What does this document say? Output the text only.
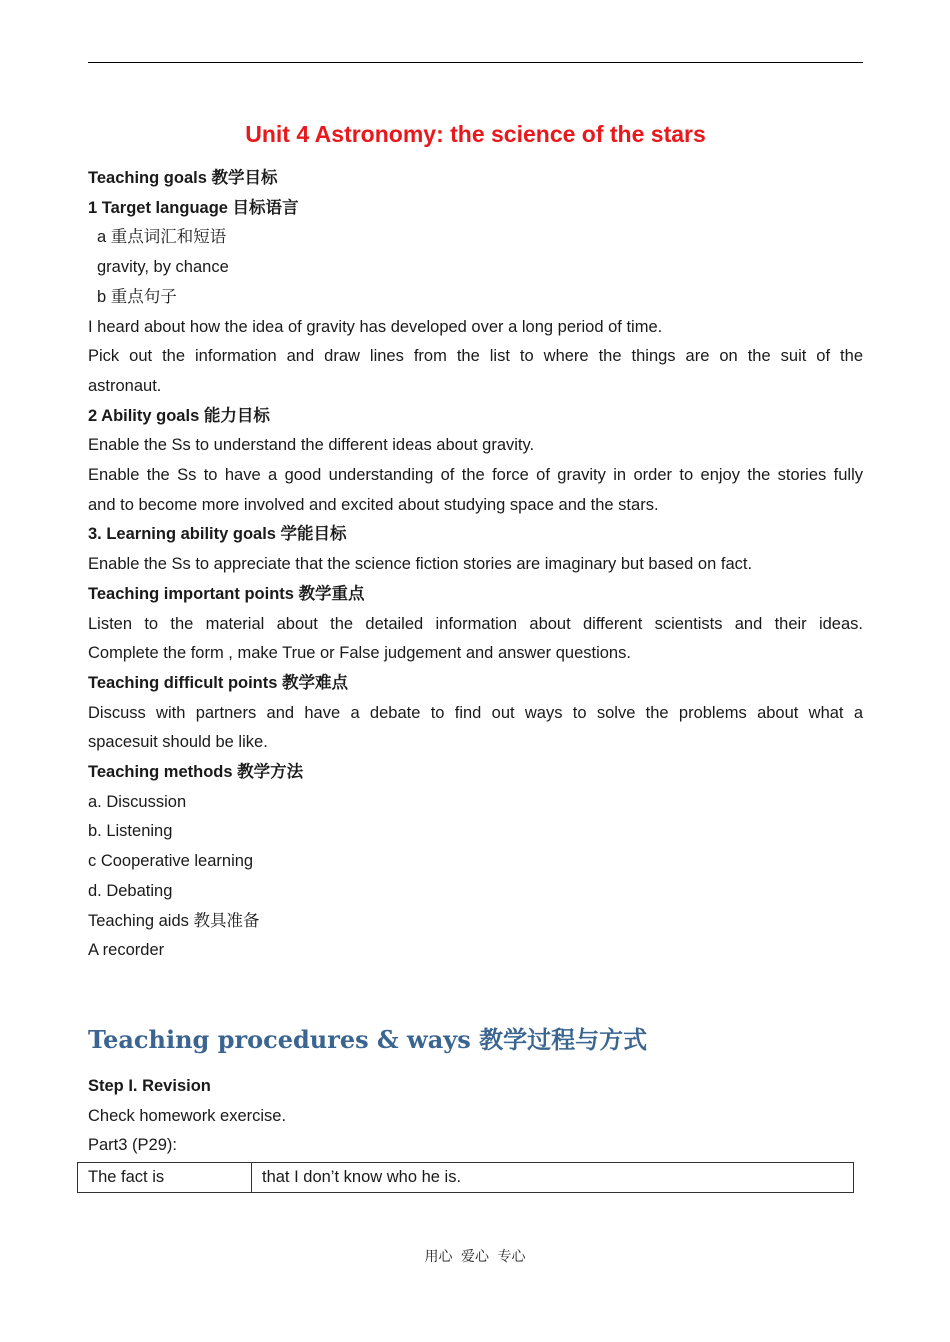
Unit 4 Astronomy: the science of the stars
Teaching goals 教学目标
1 Target language 目标语言
a 重点词汇和短语
gravity, by chance
b 重点句子
I heard about how the idea of gravity has developed over a long period of time.
Pick out the information and draw lines from the list to where the things are on the suit of the
astronaut.
2 Ability goals 能力目标
Enable the Ss to understand the different ideas about gravity.
Enable the Ss to have a good understanding of the force of gravity in order to enjoy the stories fully
and to become more involved and excited about studying space and the stars.
3. Learning ability goals 学能目标
Enable the Ss to appreciate that the science fiction stories are imaginary but based on fact.
Teaching important points 教学重点
Listen to the material about the detailed information about different scientists and their ideas.
Complete the form , make True or False judgement and answer questions.
Teaching difficult points 教学难点
Discuss with partners and have a debate to find out ways to solve the problems about what a
spacesuit should be like.
Teaching methods 教学方法
a. Discussion
b. Listening
c Cooperative learning
d. Debating
Teaching aids 教具准备
A recorder
Teaching procedures & ways 教学过程与方式
Step I. Revision
Check homework exercise.
Part3 (P29):
The fact is	that I don’t know who he is.
用心 爱心 专心
